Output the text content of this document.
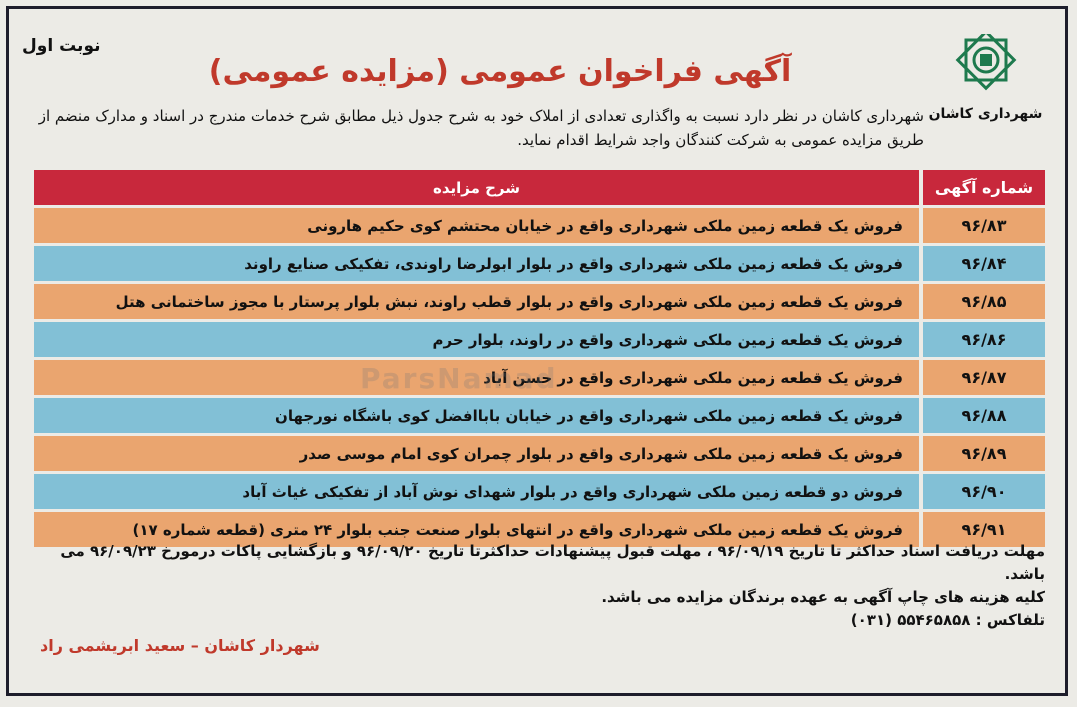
نوبت اول
شهرداری کاشان
آگهی فراخوان عمومی (مزایده عمومی)
شهرداری کاشان در نظر دارد نسبت به واگذاری تعدادی از املاک خود به شرح جدول ذیل مطابق شرح خدمات مندرج در اسناد و مدارک منضم از طریق مزایده عمومی به شرکت کنندگان واجد شرایط اقدام نماید.
شماره آگهی
شرح مزایده
۹۶/۸۳
فروش یک قطعه زمین ملکی شهرداری واقع در خیابان محتشم کوی حکیم هارونی
۹۶/۸۴
فروش یک قطعه زمین ملکی شهرداری واقع در بلوار ابولرضا راوندی، تفکیکی صنایع راوند
۹۶/۸۵
فروش یک قطعه زمین ملکی شهرداری واقع در بلوار قطب راوند، نبش بلوار پرستار با مجوز ساختمانی هتل
۹۶/۸۶
فروش یک قطعه زمین ملکی شهرداری واقع در راوند، بلوار حرم
۹۶/۸۷
فروش یک قطعه زمین ملکی شهرداری واقع در حسن آباد
۹۶/۸۸
فروش یک قطعه زمین ملکی شهرداری واقع در خیابان باباافضل کوی باشگاه نورجهان
۹۶/۸۹
فروش یک قطعه زمین ملکی شهرداری واقع در بلوار چمران کوی امام موسی صدر
۹۶/۹۰
فروش دو قطعه زمین ملکی شهرداری واقع در بلوار شهدای نوش آباد از تفکیکی غیاث آباد
۹۶/۹۱
فروش یک قطعه زمین ملکی شهرداری واقع در انتهای بلوار صنعت جنب بلوار ۲۴ متری (قطعه شماره ۱۷)
ParsNamad
مهلت دریافت اسناد حداکثر تا تاریخ ۹۶/۰۹/۱۹ ، مهلت قبول پیشنهادات حداکثرتا تاریخ ۹۶/۰۹/۲۰ و بازگشایی پاکات درمورخ ۹۶/۰۹/۲۳ می باشد.
کلیه هزینه های چاپ آگهی به عهده برندگان مزایده می باشد.
تلفاکس : ۵۵۴۶۵۸۵۸ (۰۳۱)
شهردار کاشان – سعید ابریشمی راد
